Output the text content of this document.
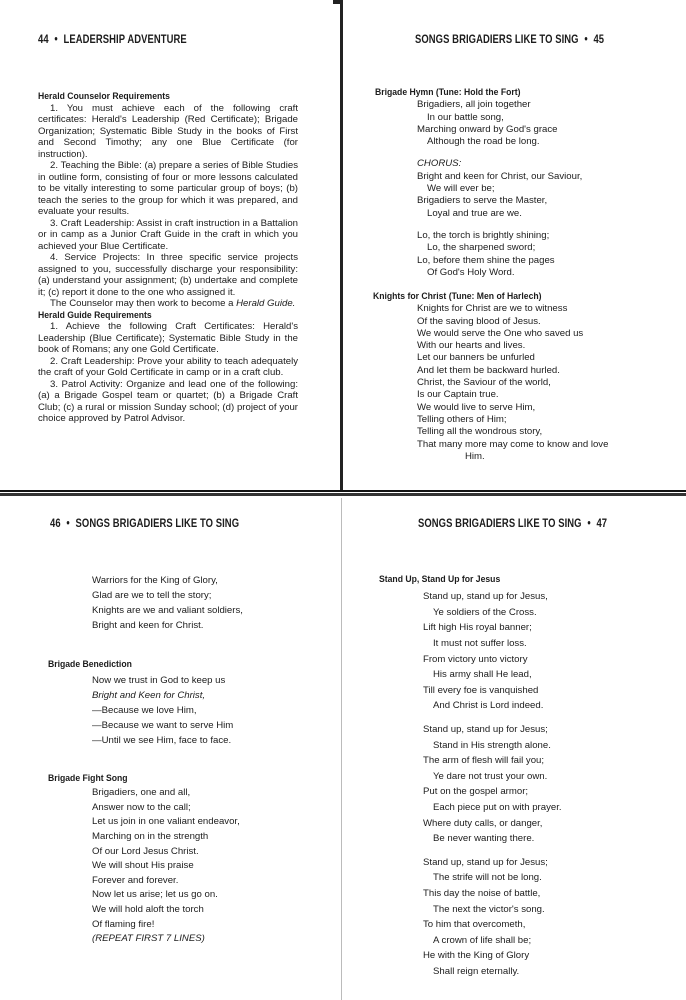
44 • LEADERSHIP ADVENTURE
Herald Counselor Requirements

1. You must achieve each of the following craft certificates: Herald's Leadership (Red Certificate); Brigade Organization; Systematic Bible Study in the books of First and Second Timothy; any one Blue Certificate (for instruction).

2. Teaching the Bible: (a) prepare a series of Bible Studies in outline form, consisting of four or more lessons calculated to be vitally interesting to some particular group of boys; (b) teach the series to the group for which it was prepared, and evaluate your results.

3. Craft Leadership: Assist in craft instruction in a Battalion or in camp as a Junior Craft Guide in the craft in which you achieved your Blue Certificate.

4. Service Projects: In three specific service projects assigned to you, successfully discharge your responsibility: (a) understand your assignment; (b) undertake and complete it; (c) report it done to the one who assigned it.

The Counselor may then work to become a Herald Guide.

Herald Guide Requirements

1. Achieve the following Craft Certificates: Herald's Leadership (Blue Certificate); Systematic Bible Study in the book of Romans; any one Gold Certificate.

2. Craft Leadership: Prove your ability to teach adequately the craft of your Gold Certificate in camp or in a craft club.

3. Patrol Activity: Organize and lead one of the following: (a) a Brigade Gospel team or quartet; (b) a Brigade Craft Club; (c) a rural or mission Sunday school; (d) project of your choice approved by Patrol Advisor.

SONGS BRIGADIERS LIKE TO SING • 45
Brigade Hymn (Tune: Hold the Fort)
Brigadiers, all join together
In our battle song,
Marching onward by God's grace
Although the road be long.
CHORUS:
Bright and keen for Christ, our Saviour,
We will ever be;
Brigadiers to serve the Master,
Loyal and true are we.
Lo, the torch is brightly shining;
Lo, the sharpened sword;
Lo, before them shine the pages
Of God's Holy Word.
Knights for Christ (Tune: Men of Harlech)
Knights for Christ are we to witness
Of the saving blood of Jesus.
We would serve the One who saved us
With our hearts and lives.
Let our banners be unfurled
And let them be backward hurled.
Christ, the Saviour of the world,
Is our Captain true.
We would live to serve Him,
Telling others of Him;
Telling all the wondrous story,
That many more may come to know and love
Him.
46 • SONGS BRIGADIERS LIKE TO SING
Warriors for the King of Glory,
Glad are we to tell the story;
Knights are we and valiant soldiers,
Bright and keen for Christ.
Brigade Benediction
Now we trust in God to keep us
Bright and Keen for Christ,
—Because we love Him,
—Because we want to serve Him
—Until we see Him, face to face.
Brigade Fight Song
Brigadiers, one and all,
Answer now to the call;
Let us join in one valiant endeavor,
Marching on in the strength
Of our Lord Jesus Christ.
We will shout His praise
Forever and forever.
Now let us arise; let us go on.
We will hold aloft the torch
Of flaming fire!
(REPEAT FIRST 7 LINES)
SONGS BRIGADIERS LIKE TO SING • 47
Stand Up, Stand Up for Jesus
Stand up, stand up for Jesus,
Ye soldiers of the Cross.
Lift high His royal banner;
It must not suffer loss.
From victory unto victory
His army shall He lead,
Till every foe is vanquished
And Christ is Lord indeed.
Stand up, stand up for Jesus;
Stand in His strength alone.
The arm of flesh will fail you;
Ye dare not trust your own.
Put on the gospel armor;
Each piece put on with prayer.
Where duty calls, or danger,
Be never wanting there.
Stand up, stand up for Jesus;
The strife will not be long.
This day the noise of battle,
The next the victor's song.
To him that overcometh,
A crown of life shall be;
He with the King of Glory
Shall reign eternally.
